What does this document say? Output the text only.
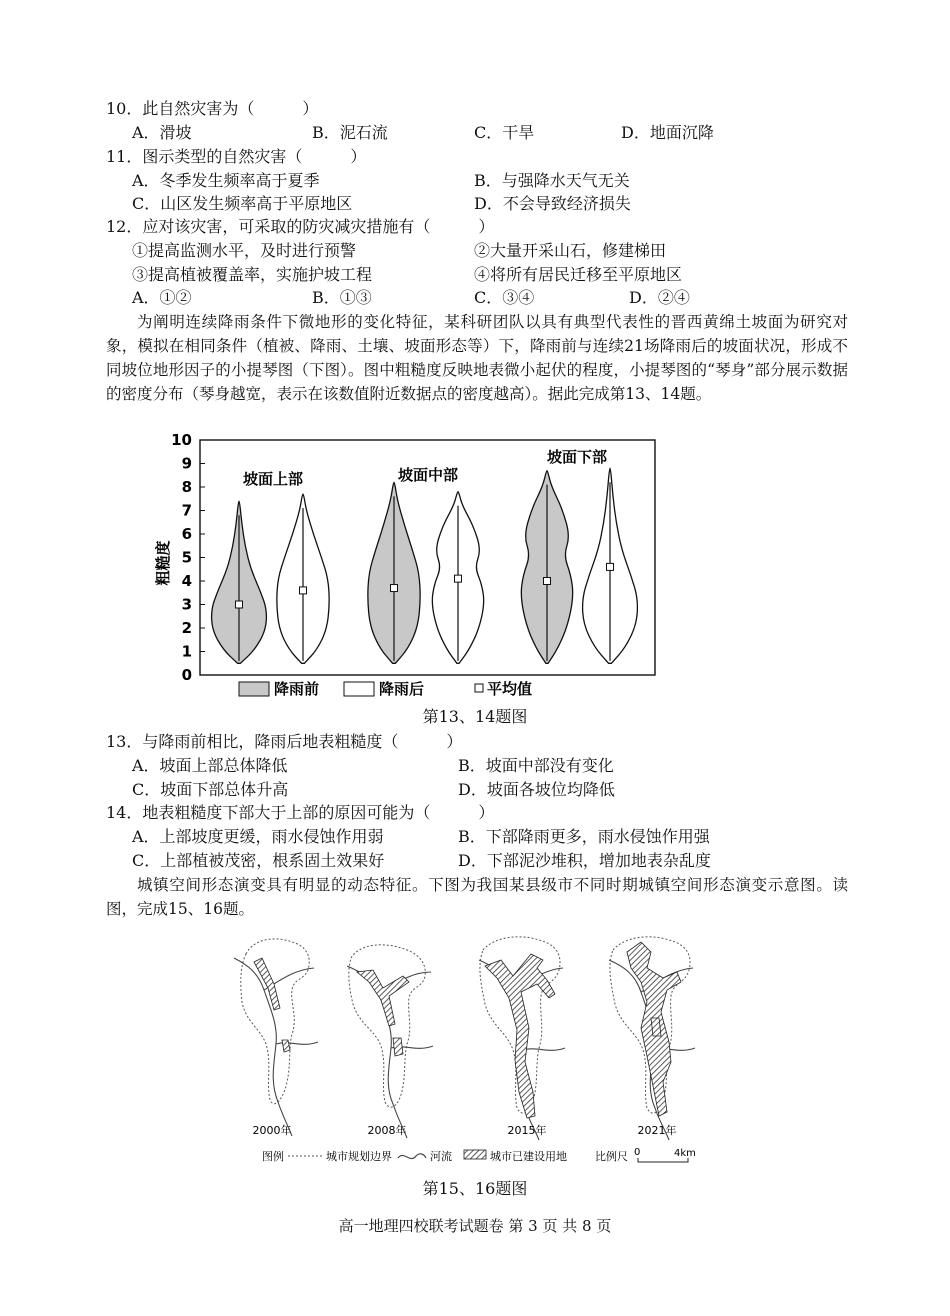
10．此自然灾害为（　　　）
A．滑坡	B．泥石流	C．干旱	D．地面沉降
11．图示类型的自然灾害（　　　）
A．冬季发生频率高于夏季	B．与强降水天气无关
C．山区发生频率高于平原地区	D．不会导致经济损失
12．应对该灾害，可采取的防灾减灾措施有（　　　）
①提高监测水平，及时进行预警	②大量开采山石，修建梯田
③提高植被覆盖率，实施护坡工程	④将所有居民迁移至平原地区
A．①②	B．①③	C．③④	D．②④

为阐明连续降雨条件下微地形的变化特征，某科研团队以具有典型代表性的晋西黄绵土坡面为研究对象，模拟在相同条件（植被、降雨、土壤、坡面形态等）下，降雨前与连续21场降雨后的坡面状况，形成不同坡位地形因子的小提琴图（下图）。图中粗糙度反映地表微小起伏的程度，小提琴图的“琴身”部分展示数据的密度分布（琴身越宽，表示在该数值附近数据点的密度越高）。据此完成第13、14题。

0
1
2
3
4
5
6
7
8
9
10
粗糙度
坡面上部	坡面中部
坡面下部
降雨前	降雨后	平均值
第13、14题图
13．与降雨前相比，降雨后地表粗糙度（　　　）
A．坡面上部总体降低	B．坡面中部没有变化
C．坡面下部总体升高	D．坡面各坡位均降低
14．地表粗糙度下部大于上部的原因可能为（　　　）
A．上部坡度更缓，雨水侵蚀作用弱	B．下部降雨更多，雨水侵蚀作用强
C．上部植被茂密，根系固土效果好	D．下部泥沙堆积，增加地表杂乱度

城镇空间形态演变具有明显的动态特征。下图为我国某县级市不同时期城镇空间形态演变示意图。读图，完成15、16题。

2000年	2008年	2015年	2021年
图例	城市规划边界	河流	城市已建设用地	比例尺 0	4km
第15、16题图
高一地理四校联考试题卷 第 3 页 共 8 页
